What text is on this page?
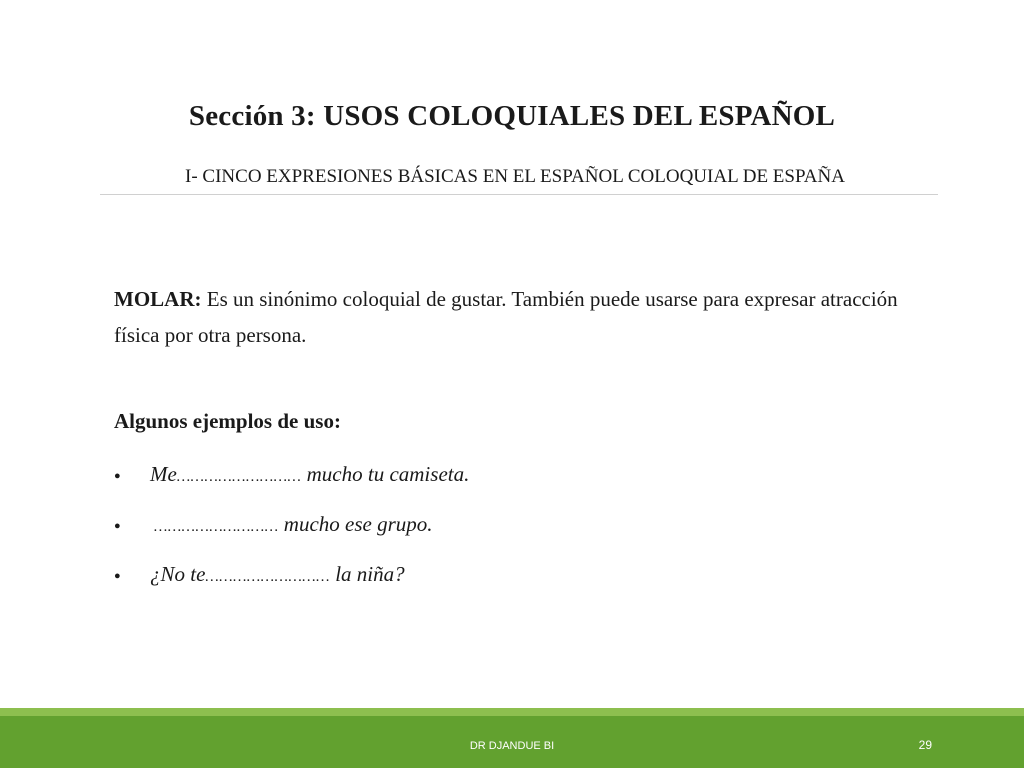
Sección 3: USOS COLOQUIALES DEL ESPAÑOL
I- CINCO EXPRESIONES BÁSICAS EN EL ESPAÑOL COLOQUIAL DE ESPAÑA
MOLAR: Es un sinónimo coloquial de gustar. También puede usarse para expresar atracción física por otra persona.
Algunos ejemplos de uso:
● Me……………………… mucho tu camiseta.
● ……………………… mucho ese grupo.
● ¿No te……………………… la niña?
DR DJANDUE BI	29
